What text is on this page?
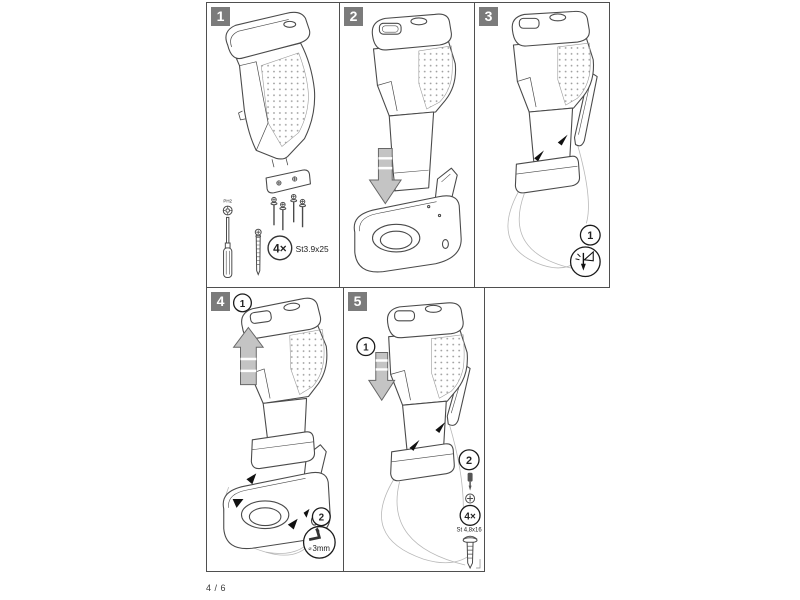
1
PH2
4× St3.9x25
2	3
1
4	1
2
⌀ 3mm
5
1
2
4×
St 4,8x16
4 / 6
